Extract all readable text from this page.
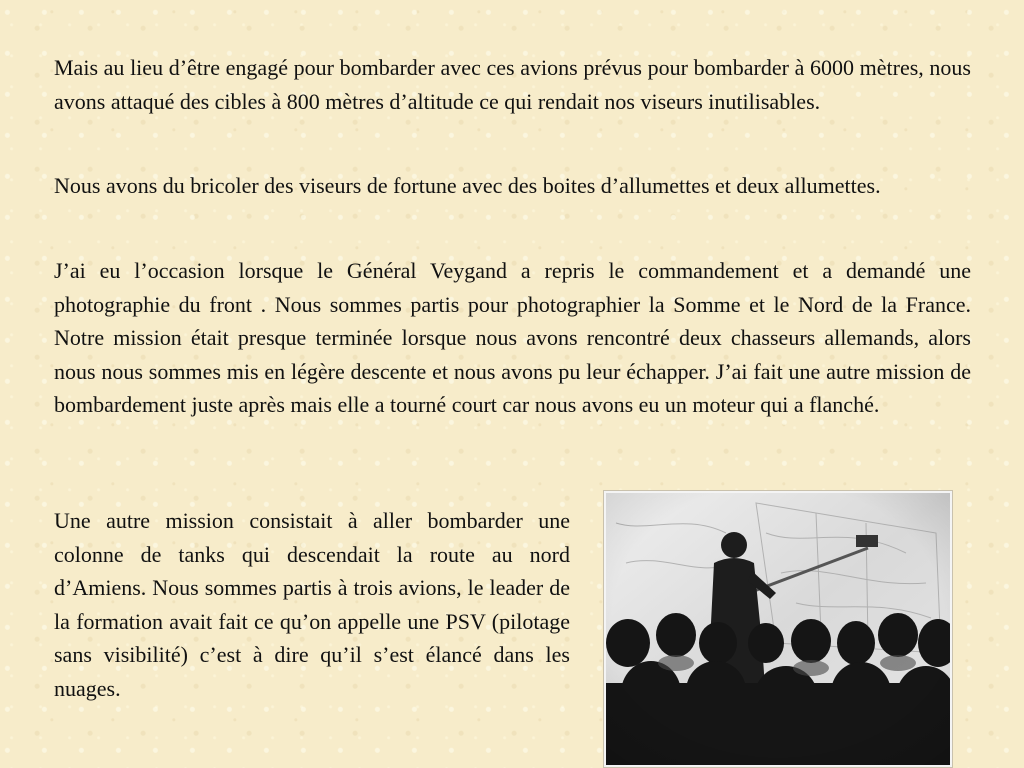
Mais au lieu d’être engagé pour bombarder avec ces avions prévus pour bombarder à 6000 mètres, nous avons attaqué des cibles à 800 mètres d’altitude ce qui rendait nos viseurs inutilisables.

Nous avons du bricoler des viseurs de fortune avec des boites d’allumettes et deux allumettes.

J’ai eu l’occasion lorsque le Général Veygand a repris le commandement et a demandé une photographie du front . Nous sommes partis pour photographier la Somme et le Nord de la France. Notre mission était presque terminée lorsque nous avons rencontré deux chasseurs allemands, alors nous nous sommes mis en légère descente et nous avons pu leur échapper. J’ai fait une autre mission de bombardement juste après mais elle a tourné court car nous avons eu un moteur qui a flanché.

Une autre mission consistait à aller bombarder une colonne de tanks qui descendait la route au nord d’Amiens. Nous sommes partis à trois avions, le leader de la formation avait fait ce qu’on appelle une PSV (pilotage sans visibilité) c’est à dire qu’il s’est élancé dans les nuages.
